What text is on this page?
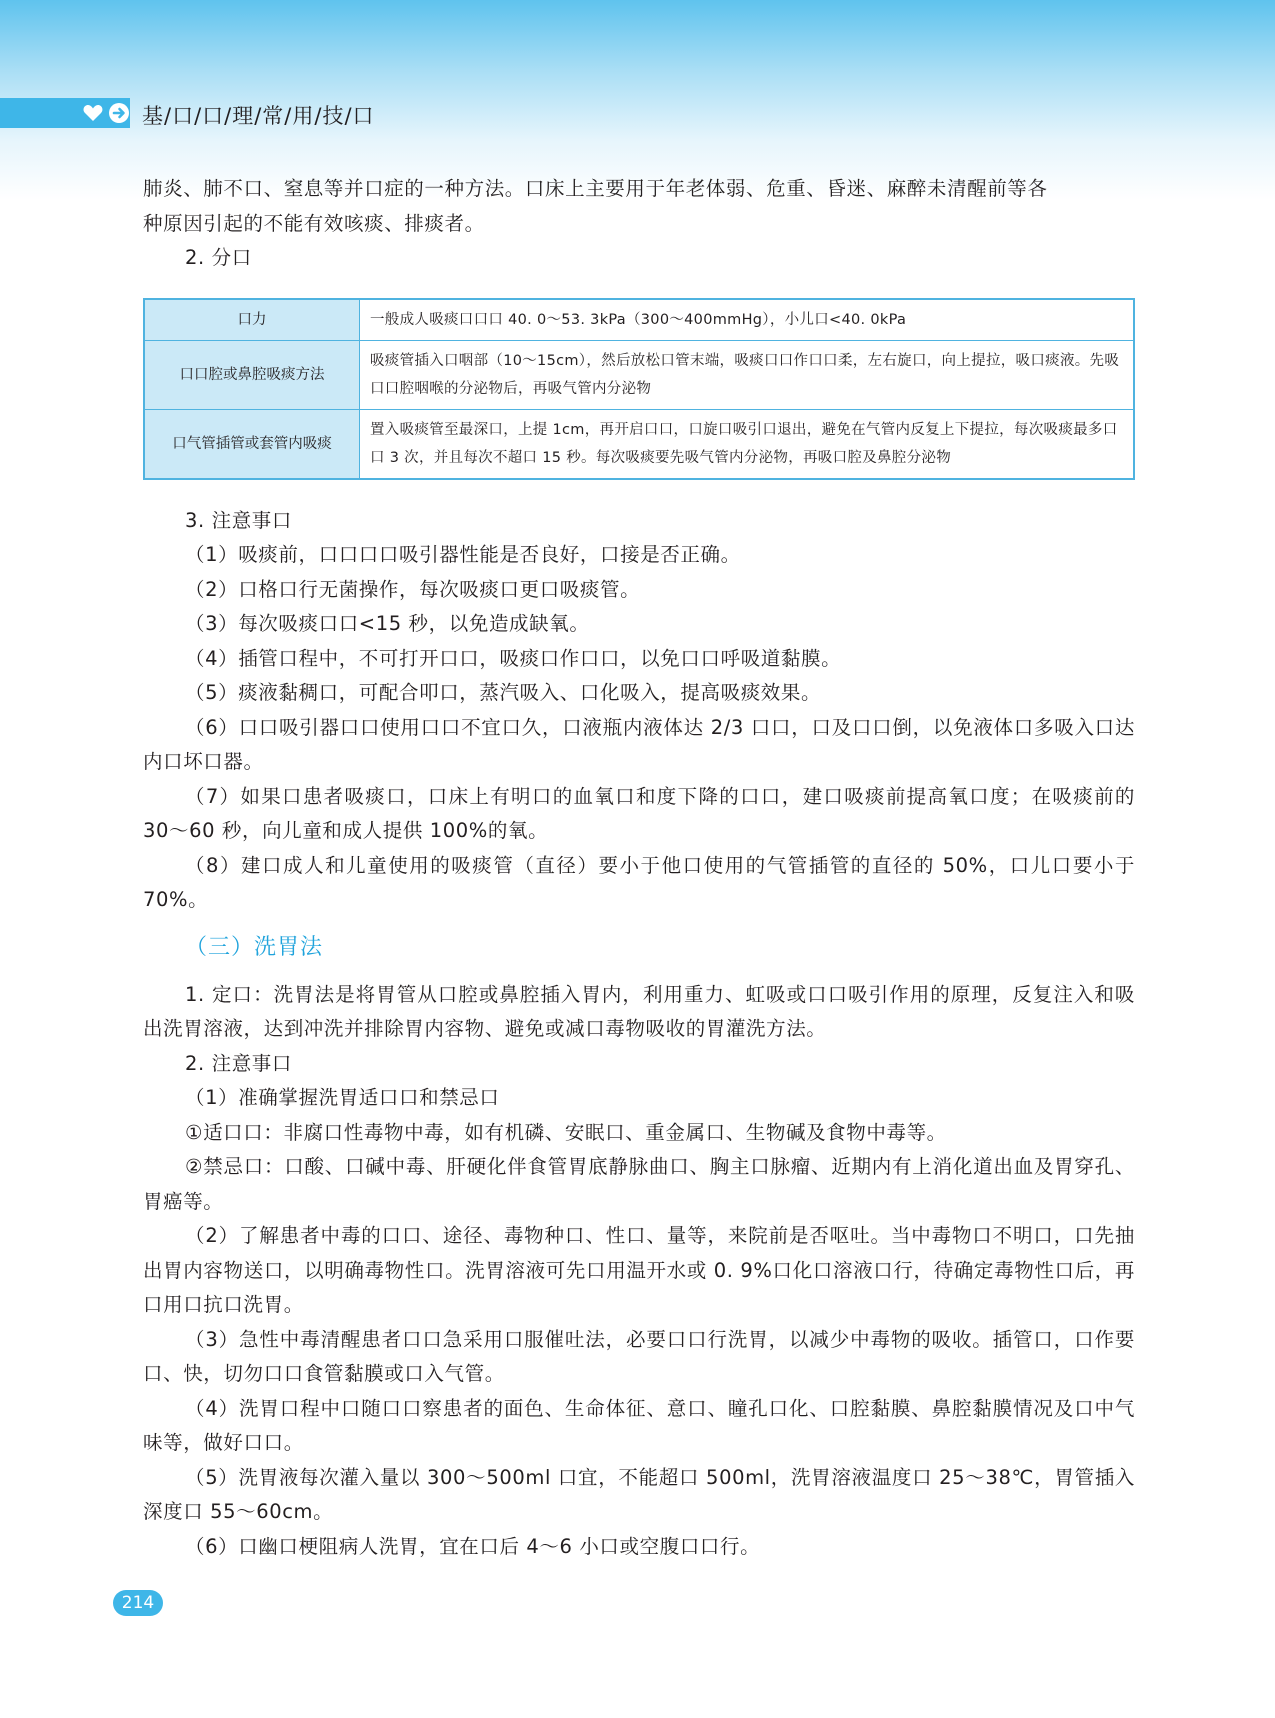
基/口/口/理/常/用/技/口

肺炎、肺不口、窒息等并口症的一种方法。口床上主要用于年老体弱、危重、昏迷、麻醉未清醒前等各

种原因引起的不能有效咳痰、排痰者。

2. 分口

口力	一般成人吸痰口口口 40. 0～53. 3kPa（300～400mmHg），小儿口<40. 0kPa
口口腔或鼻腔吸痰方法	吸痰管插入口咽部（10～15cm），然后放松口管末端，吸痰口口作口口柔，左右旋口，向上提拉，吸口痰液。先吸口口腔咽喉的分泌物后，再吸气管内分泌物
口气管插管或套管内吸痰	置入吸痰管至最深口，上提 1cm，再开启口口，口旋口吸引口退出，避免在气管内反复上下提拉，每次吸痰最多口口 3 次，并且每次不超口 15 秒。每次吸痰要先吸气管内分泌物，再吸口腔及鼻腔分泌物

3. 注意事口

（1）吸痰前，口口口口吸引器性能是否良好，口接是否正确。

（2）口格口行无菌操作，每次吸痰口更口吸痰管。

（3）每次吸痰口口<15 秒，以免造成缺氧。

（4）插管口程中，不可打开口口，吸痰口作口口，以免口口呼吸道黏膜。

（5）痰液黏稠口，可配合叩口，蒸汽吸入、口化吸入，提高吸痰效果。

（6）口口吸引器口口使用口口不宜口久，口液瓶内液体达 2/3 口口，口及口口倒，以免液体口多吸入口达内口坏口器。

（7）如果口患者吸痰口，口床上有明口的血氧口和度下降的口口，建口吸痰前提高氧口度；在吸痰前的 30～60 秒，向儿童和成人提供 100%的氧。

（8）建口成人和儿童使用的吸痰管（直径）要小于他口使用的气管插管的直径的 50%，口儿口要小于 70%。

（三）洗胃法

1. 定口：洗胃法是将胃管从口腔或鼻腔插入胃内，利用重力、虹吸或口口吸引作用的原理，反复注入和吸出洗胃溶液，达到冲洗并排除胃内容物、避免或减口毒物吸收的胃灌洗方法。

2. 注意事口

（1）准确掌握洗胃适口口和禁忌口

①适口口：非腐口性毒物中毒，如有机磷、安眠口、重金属口、生物碱及食物中毒等。

②禁忌口：口酸、口碱中毒、肝硬化伴食管胃底静脉曲口、胸主口脉瘤、近期内有上消化道出血及胃穿孔、胃癌等。

（2）了解患者中毒的口口、途径、毒物种口、性口、量等，来院前是否呕吐。当中毒物口不明口，口先抽出胃内容物送口，以明确毒物性口。洗胃溶液可先口用温开水或 0. 9%口化口溶液口行，待确定毒物性口后，再口用口抗口洗胃。

（3）急性中毒清醒患者口口急采用口服催吐法，必要口口行洗胃，以减少中毒物的吸收。插管口，口作要口、快，切勿口口食管黏膜或口入气管。

（4）洗胃口程中口随口口察患者的面色、生命体征、意口、瞳孔口化、口腔黏膜、鼻腔黏膜情况及口中气味等，做好口口。

（5）洗胃液每次灌入量以 300～500ml 口宜，不能超口 500ml，洗胃溶液温度口 25～38℃，胃管插入深度口 55～60cm。

（6）口幽口梗阻病人洗胃，宜在口后 4～6 小口或空腹口口行。

214
